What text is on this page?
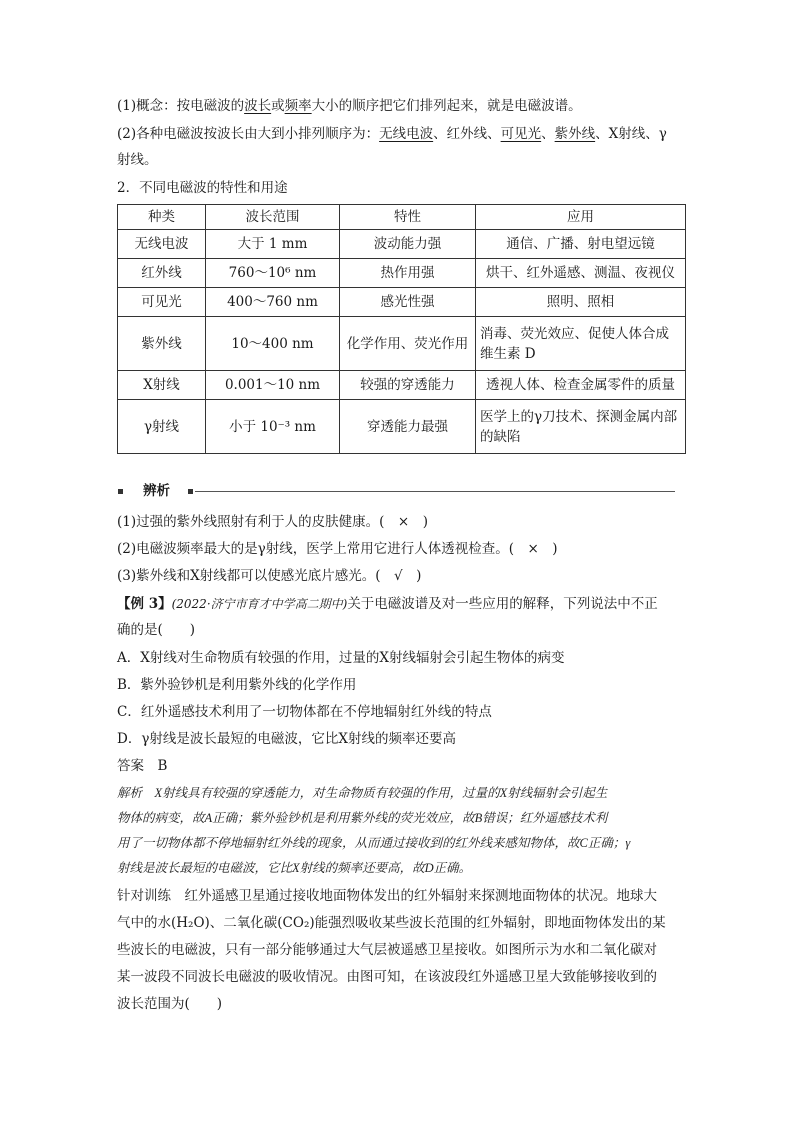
(1)概念：按电磁波的波长或频率大小的顺序把它们排列起来，就是电磁波谱。
(2)各种电磁波按波长由大到小排列顺序为：无线电波、红外线、可见光、紫外线、X射线、γ
射线。
2．不同电磁波的特性和用途
种类	波长范围	特性	应用
无线电波	大于 1 mm	波动能力强	通信、广播、射电望远镜
红外线	760～10⁶ nm	热作用强	烘干、红外遥感、测温、夜视仪
可见光	400～760 nm	感光性强	照明、照相
紫外线	10～400 nm	化学作用、荧光作用	消毒、荧光效应、促使人体合成维生素 D
X射线	0.001～10 nm	较强的穿透能力	透视人体、检查金属零件的质量
γ射线	小于 10⁻³ nm	穿透能力最强	医学上的γ刀技术、探测金属内部的缺陷
辨析
(1)过强的紫外线照射有利于人的皮肤健康。(　×　)
(2)电磁波频率最大的是γ射线，医学上常用它进行人体透视检查。(　×　)
(3)紫外线和X射线都可以使感光底片感光。(　√　)
【例 3】(2022·济宁市育才中学高二期中)关于电磁波谱及对一些应用的解释，下列说法中不正
确的是(　　)
A．X射线对生命物质有较强的作用，过量的X射线辐射会引起生物体的病变
B．紫外验钞机是利用紫外线的化学作用
C．红外遥感技术利用了一切物体都在不停地辐射红外线的特点
D．γ射线是波长最短的电磁波，它比X射线的频率还要高
答案　B
解析　X射线具有较强的穿透能力，对生命物质有较强的作用，过量的X射线辐射会引起生
物体的病变，故A正确；紫外验钞机是利用紫外线的荧光效应，故B错误；红外遥感技术利
用了一切物体都不停地辐射红外线的现象，从而通过接收到的红外线来感知物体，故C正确；γ
射线是波长最短的电磁波，它比X射线的频率还要高，故D正确。
针对训练　红外遥感卫星通过接收地面物体发出的红外辐射来探测地面物体的状况。地球大
气中的水(H₂O)、二氧化碳(CO₂)能强烈吸收某些波长范围的红外辐射，即地面物体发出的某
些波长的电磁波，只有一部分能够通过大气层被遥感卫星接收。如图所示为水和二氧化碳对
某一波段不同波长电磁波的吸收情况。由图可知，在该波段红外遥感卫星大致能够接收到的
波长范围为(　　)
